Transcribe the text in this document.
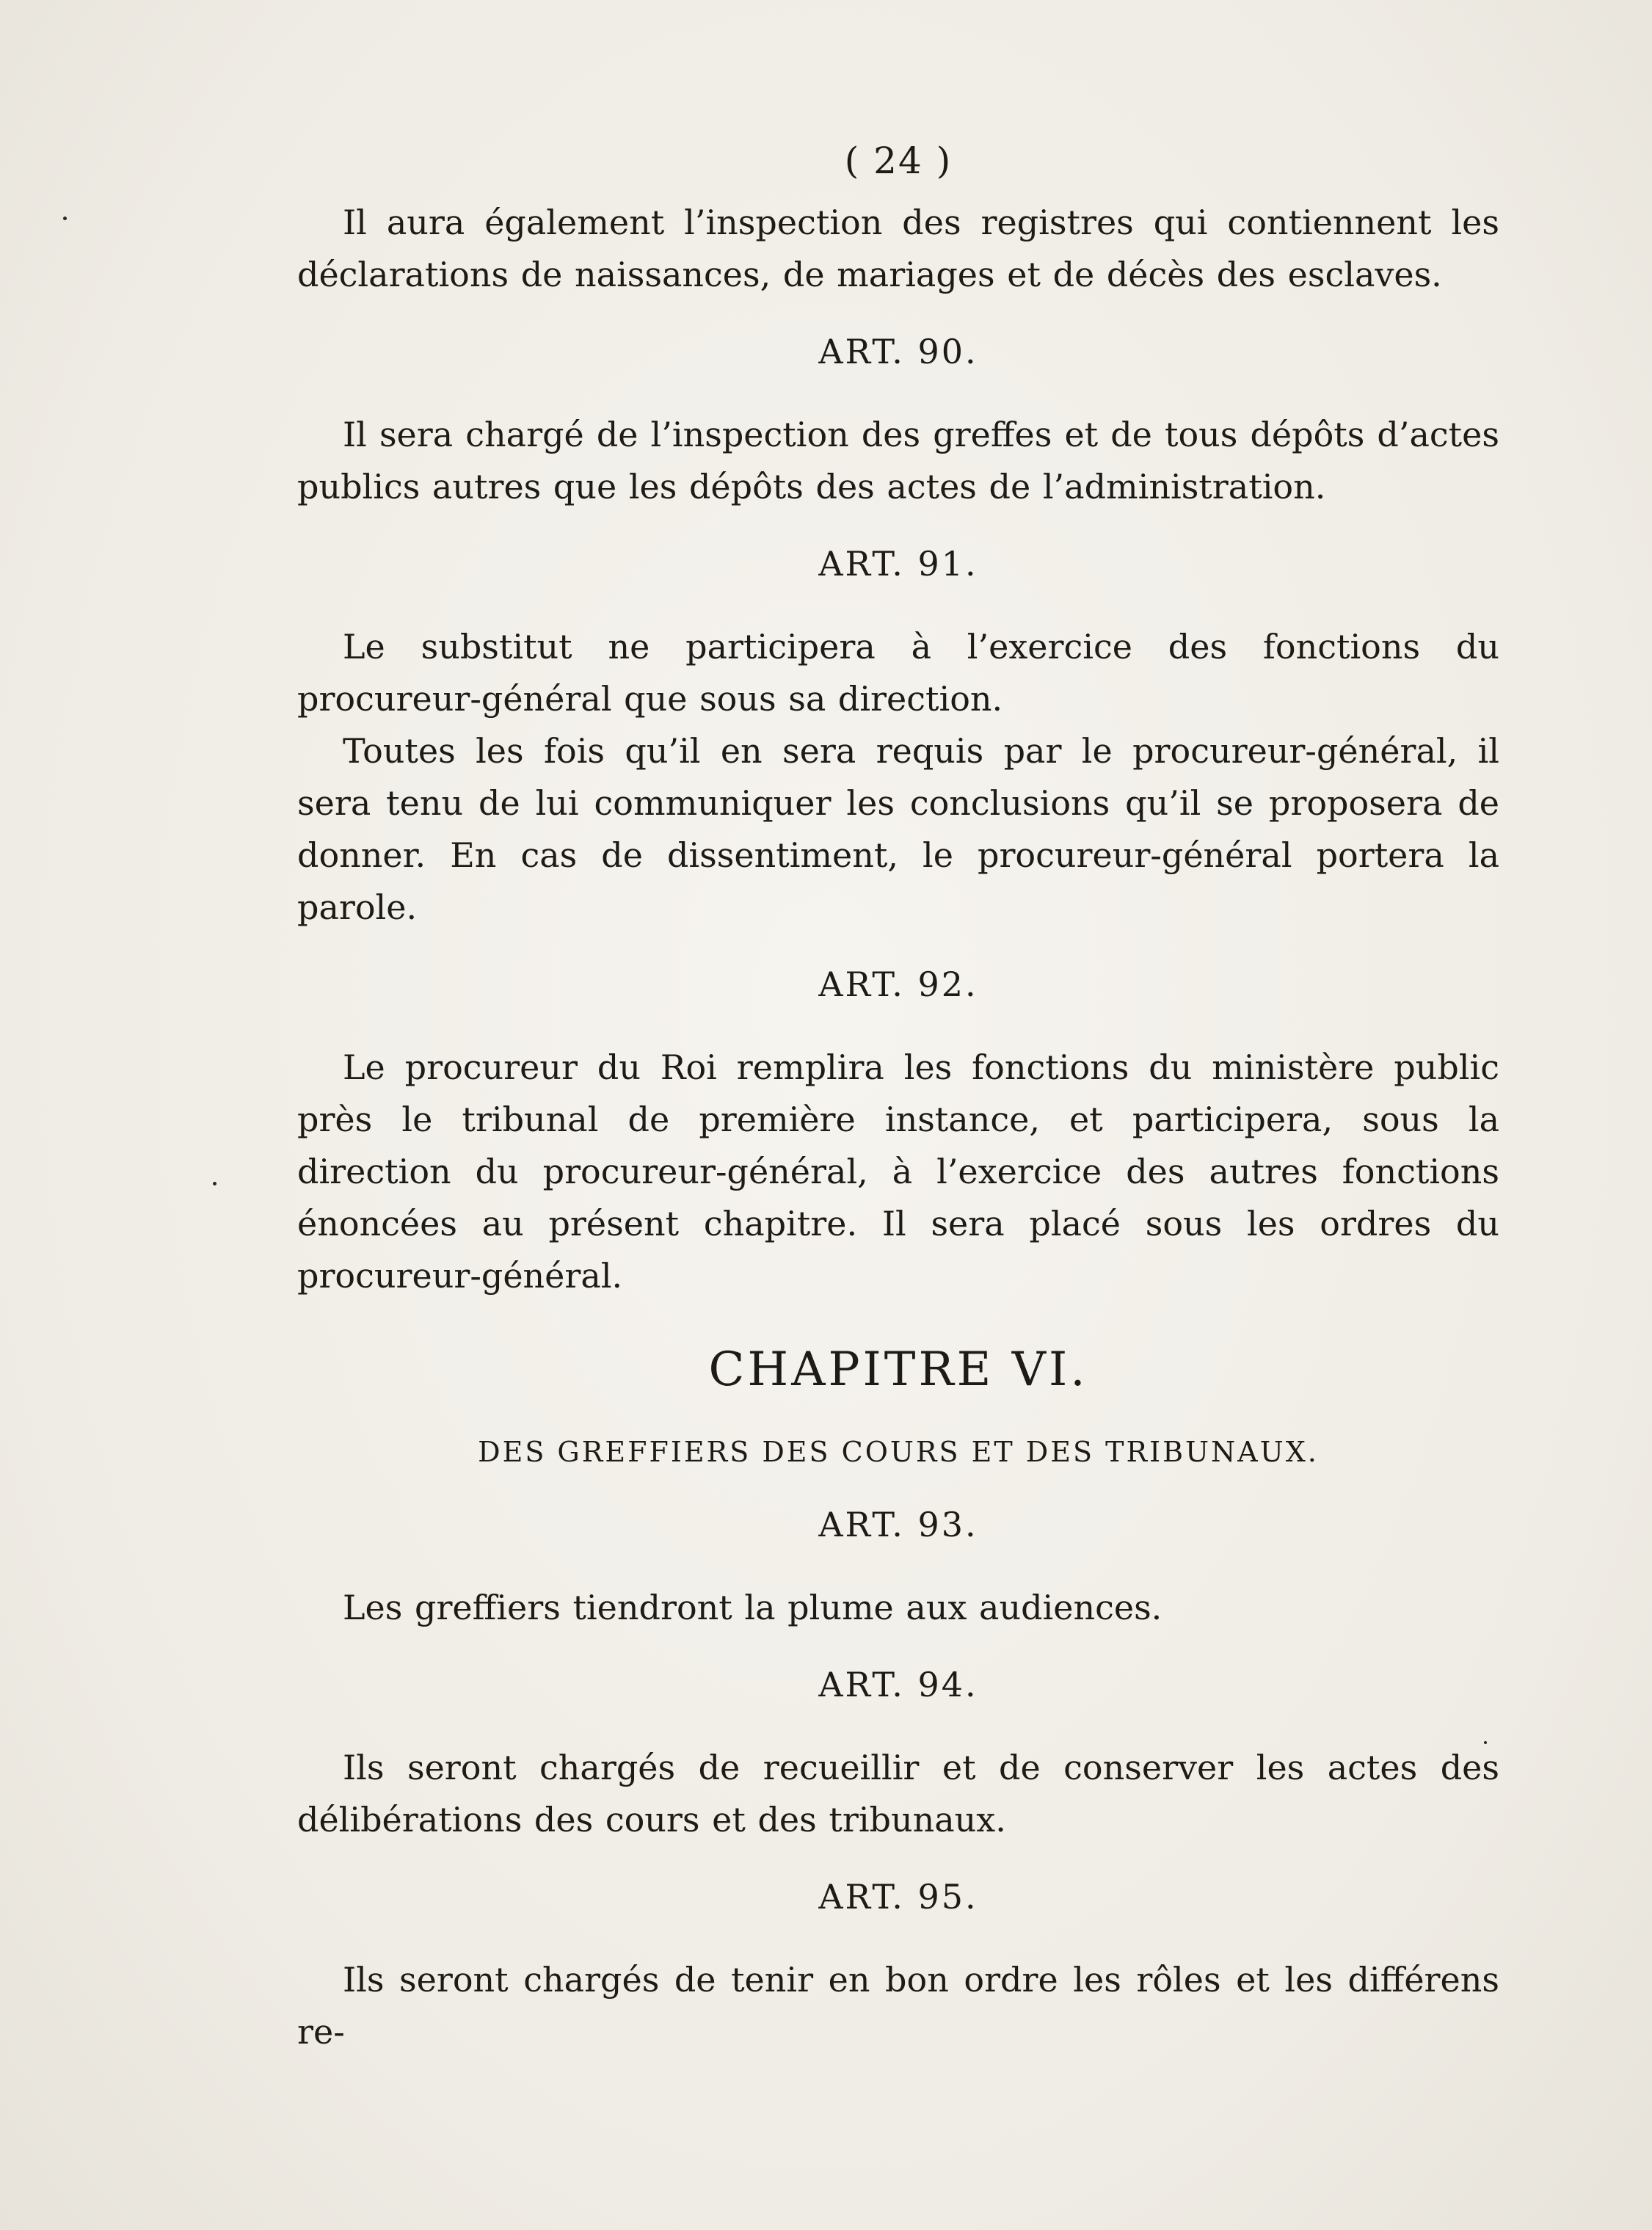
( 24 )

Il aura également l’inspection des registres qui contiennent les déclarations de naissances, de mariages et de décès des esclaves.

ART. 90.

Il sera chargé de l’inspection des greffes et de tous dépôts d’actes publics autres que les dépôts des actes de l’administration.

ART. 91.

Le substitut ne participera à l’exercice des fonctions du procureur-général que sous sa direction.

Toutes les fois qu’il en sera requis par le procureur-général, il sera tenu de lui communiquer les conclusions qu’il se proposera de donner. En cas de dissentiment, le procureur-général portera la parole.

ART. 92.

Le procureur du Roi remplira les fonctions du ministère public près le tribunal de première instance, et participera, sous la direction du procureur-général, à l’exercice des autres fonctions énoncées au présent chapitre. Il sera placé sous les ordres du procureur-général.

CHAPITRE VI.
DES GREFFIERS DES COURS ET DES TRIBUNAUX.
ART. 93.

Les greffiers tiendront la plume aux audiences.

ART. 94.

Ils seront chargés de recueillir et de conserver les actes des délibérations des cours et des tribunaux.

ART. 95.

Ils seront chargés de tenir en bon ordre les rôles et les différens re-
